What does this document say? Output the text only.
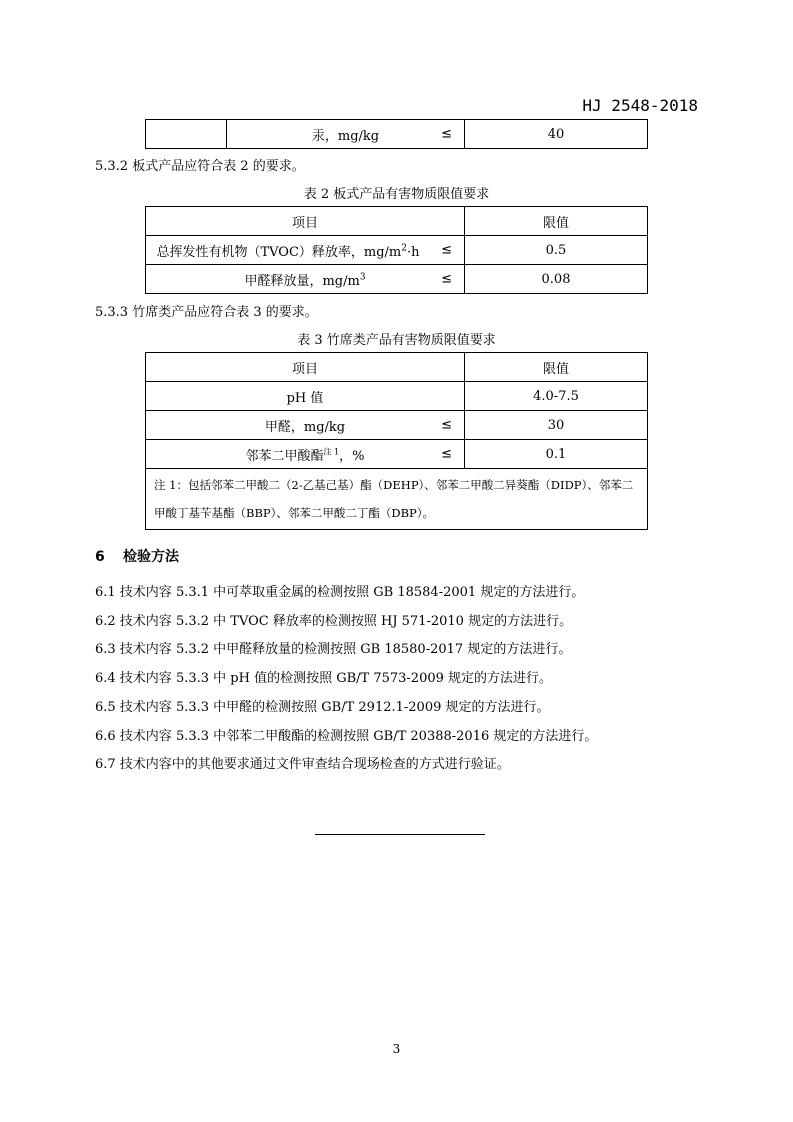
HJ 2548-2018
	汞，mg/kg	≤	40
5.3.2 板式产品应符合表 2 的要求。
表 2 板式产品有害物质限值要求
项目	限值
总挥发性有机物（TVOC）释放率，$mg/m^2\cdot h$ ≤	0.5
甲醛释放量，$mg/m^3$ ≤	0.08
5.3.3 竹席类产品应符合表 3 的要求。
表 3 竹席类产品有害物质限值要求
项目	限值
pH 值	4.0-7.5
甲醛，mg/kg ≤	30
邻苯二甲酸酯$^{注 1}$，% ≤	0.1
注 1：包括邻苯二甲酸二（2-乙基己基）酯（DEHP）、邻苯二甲酸二异葵酯（DIDP）、邻苯二甲酸丁基苄基酯（BBP）、邻苯二甲酸二丁酯（DBP）。	
6 检验方法
6.1 技术内容 5.3.1 中可萃取重金属的检测按照 GB 18584-2001 规定的方法进行。
6.2 技术内容 5.3.2 中 TVOC 释放率的检测按照 HJ 571-2010 规定的方法进行。
6.3 技术内容 5.3.2 中甲醛释放量的检测按照 GB 18580-2017 规定的方法进行。
6.4 技术内容 5.3.3 中 pH 值的检测按照 GB/T 7573-2009 规定的方法进行。
6.5 技术内容 5.3.3 中甲醛的检测按照 GB/T 2912.1-2009 规定的方法进行。
6.6 技术内容 5.3.3 中邻苯二甲酸酯的检测按照 GB/T 20388-2016 规定的方法进行。
6.7 技术内容中的其他要求通过文件审查结合现场检查的方式进行验证。
3
